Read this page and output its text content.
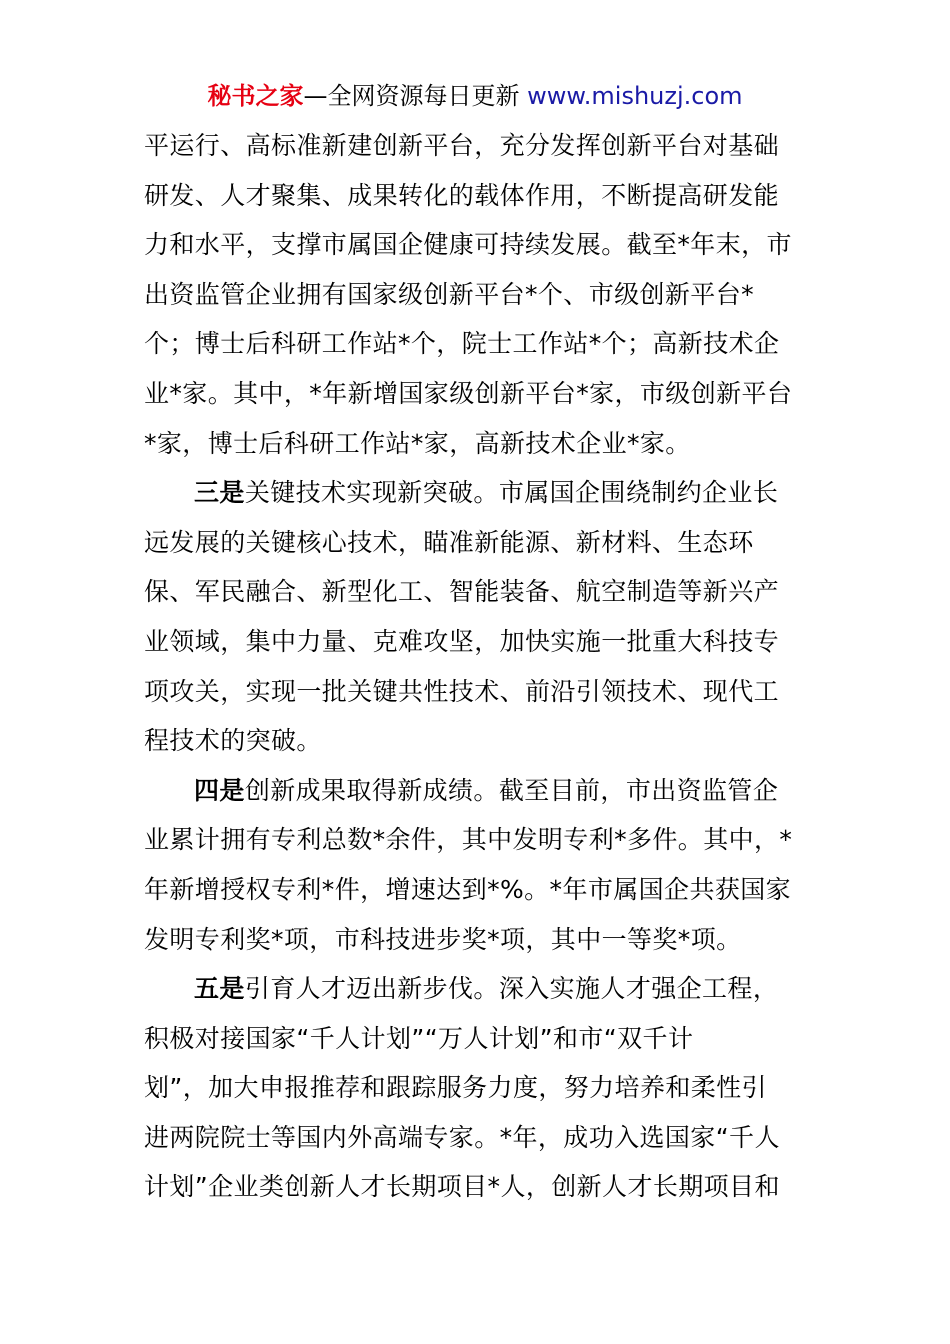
秘书之家—全网资源每日更新 www.mishuzj.com
平运行、高标准新建创新平台，充分发挥创新平台对基础
研发、人才聚集、成果转化的载体作用，不断提高研发能
力和水平，支撑市属国企健康可持续发展。截至*年末，市
出资监管企业拥有国家级创新平台*个、市级创新平台*
个；博士后科研工作站*个，院士工作站*个；高新技术企
业*家。其中，*年新增国家级创新平台*家，市级创新平台
*家，博士后科研工作站*家，高新技术企业*家。
三是关键技术实现新突破。市属国企围绕制约企业长
远发展的关键核心技术，瞄准新能源、新材料、生态环
保、军民融合、新型化工、智能装备、航空制造等新兴产
业领域，集中力量、克难攻坚，加快实施一批重大科技专
项攻关，实现一批关键共性技术、前沿引领技术、现代工
程技术的突破。
四是创新成果取得新成绩。截至目前，市出资监管企
业累计拥有专利总数*余件，其中发明专利*多件。其中，*
年新增授权专利*件，增速达到*%。*年市属国企共获国家
发明专利奖*项，市科技进步奖*项，其中一等奖*项。
五是引育人才迈出新步伐。深入实施人才强企工程，
积极对接国家“千人计划”“万人计划”和市“双千计
划”，加大申报推荐和跟踪服务力度，努力培养和柔性引
进两院院士等国内外高端专家。*年，成功入选国家“千人
计划”企业类创新人才长期项目*人，创新人才长期项目和
